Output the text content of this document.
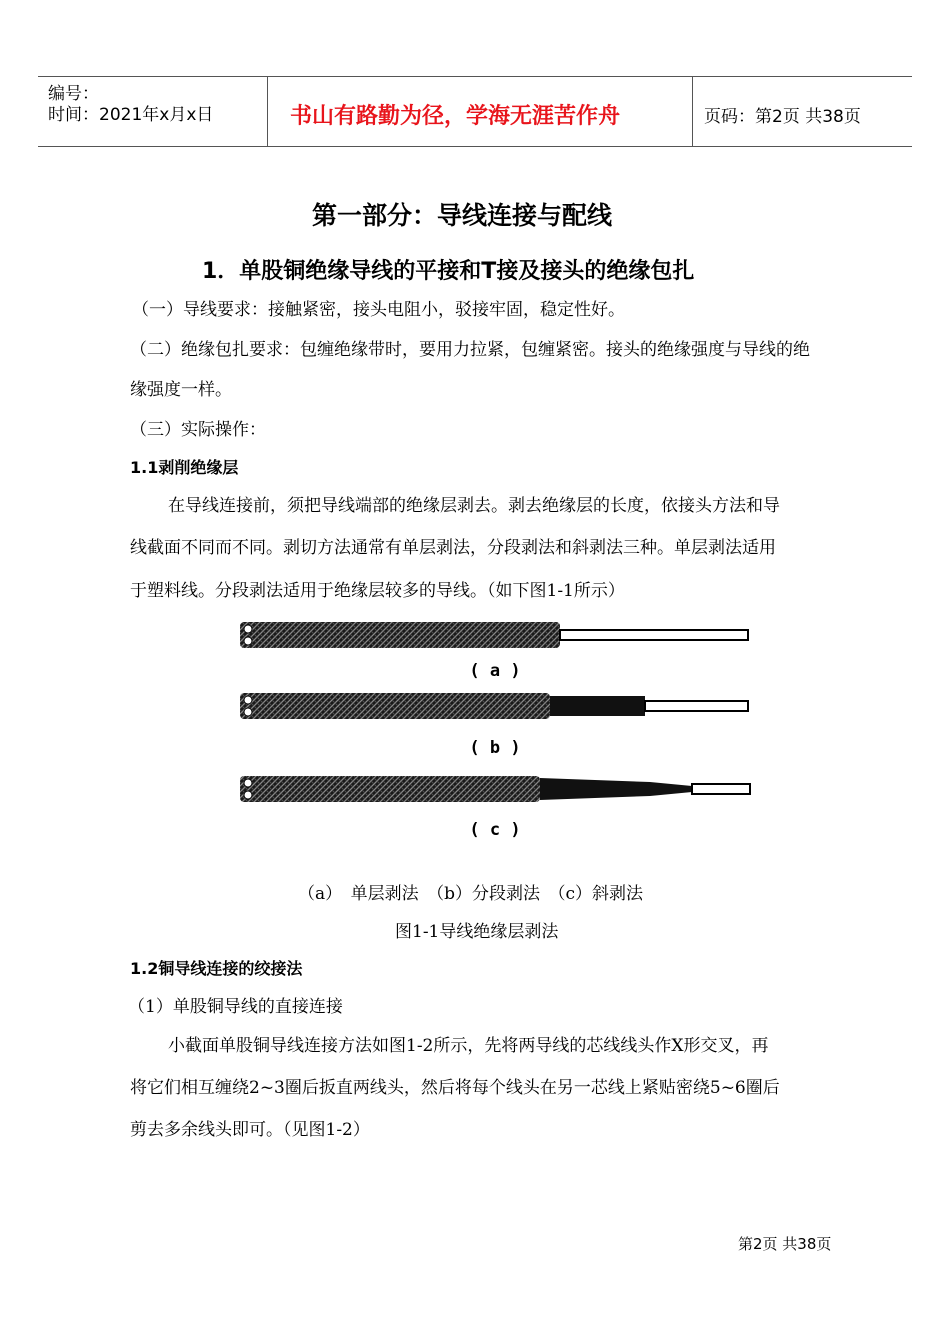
编号：
时间：2021年x月x日	书山有路勤为径，学海无涯苦作舟	页码：第2页 共38页
第一部分：导线连接与配线
1．单股铜绝缘导线的平接和T接及接头的绝缘包扎
（一）导线要求：接触紧密，接头电阻小，驳接牢固，稳定性好。
（二）绝缘包扎要求：包缠绝缘带时，要用力拉紧，包缠紧密。接头的绝缘强度与导线的绝
缘强度一样。
（三）实际操作：
1.1剥削绝缘层
在导线连接前，须把导线端部的绝缘层剥去。剥去绝缘层的长度，依接头方法和导
线截面不同而不同。剥切方法通常有单层剥法，分段剥法和斜剥法三种。单层剥法适用
于塑料线。分段剥法适用于绝缘层较多的导线。（如下图1-1所示）
( a )
( b )
( c )
（a）　单层剥法　（b）分段剥法　（c）斜剥法
图1-1导线绝缘层剥法
1.2铜导线连接的绞接法
（1）单股铜导线的直接连接
小截面单股铜导线连接方法如图1-2所示，先将两导线的芯线线头作X形交叉，再
将它们相互缠绕2~3圈后扳直两线头，然后将每个线头在另一芯线上紧贴密绕5~6圈后
剪去多余线头即可。（见图1-2）
第2页 共38页
